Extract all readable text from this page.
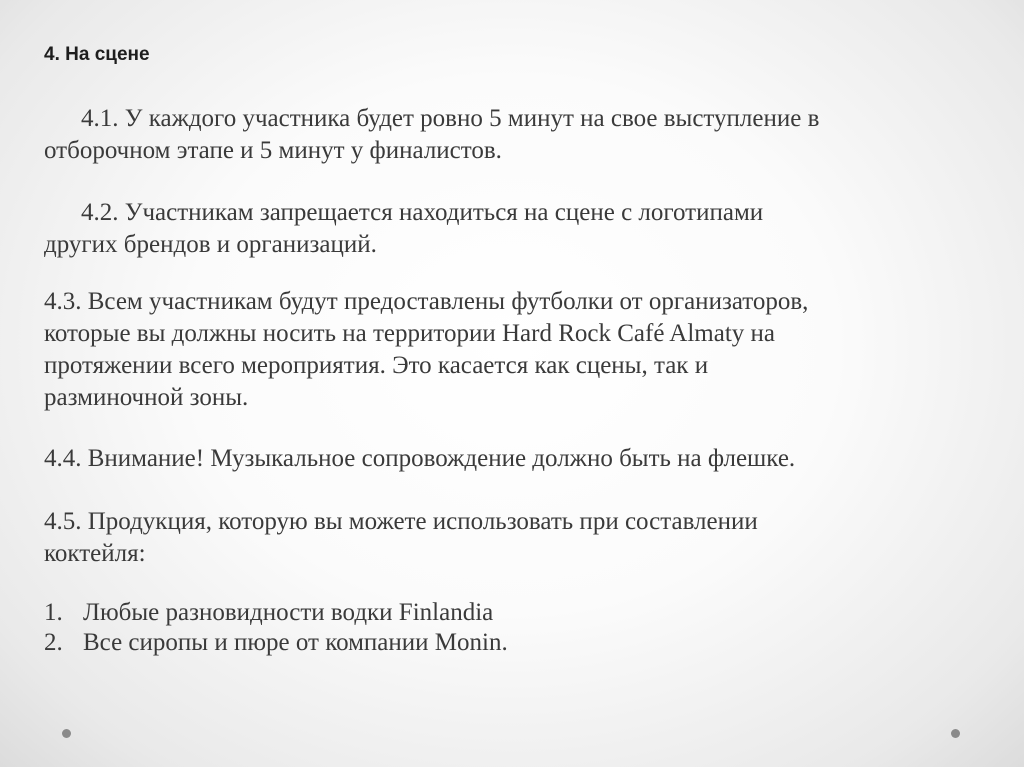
4. На сцене
4.1. У каждого участника будет ровно 5 минут на свое выступление в
отборочном этапе и 5 минут у финалистов.
4.2. Участникам запрещается находиться на сцене с логотипами
других брендов и организаций.
4.3. Всем участникам будут предоставлены футболки от организаторов,
которые вы должны носить на территории Hard Rock Café Almaty на
протяжении всего мероприятия. Это касается как сцены, так и
разминочной зоны.
4.4. Внимание! Музыкальное сопровождение должно быть на флешке.
4.5. Продукция, которую вы можете использовать при составлении
коктейля:
1. Любые разновидности водки Finlandia
2. Все сиропы и пюре от компании Monin.
